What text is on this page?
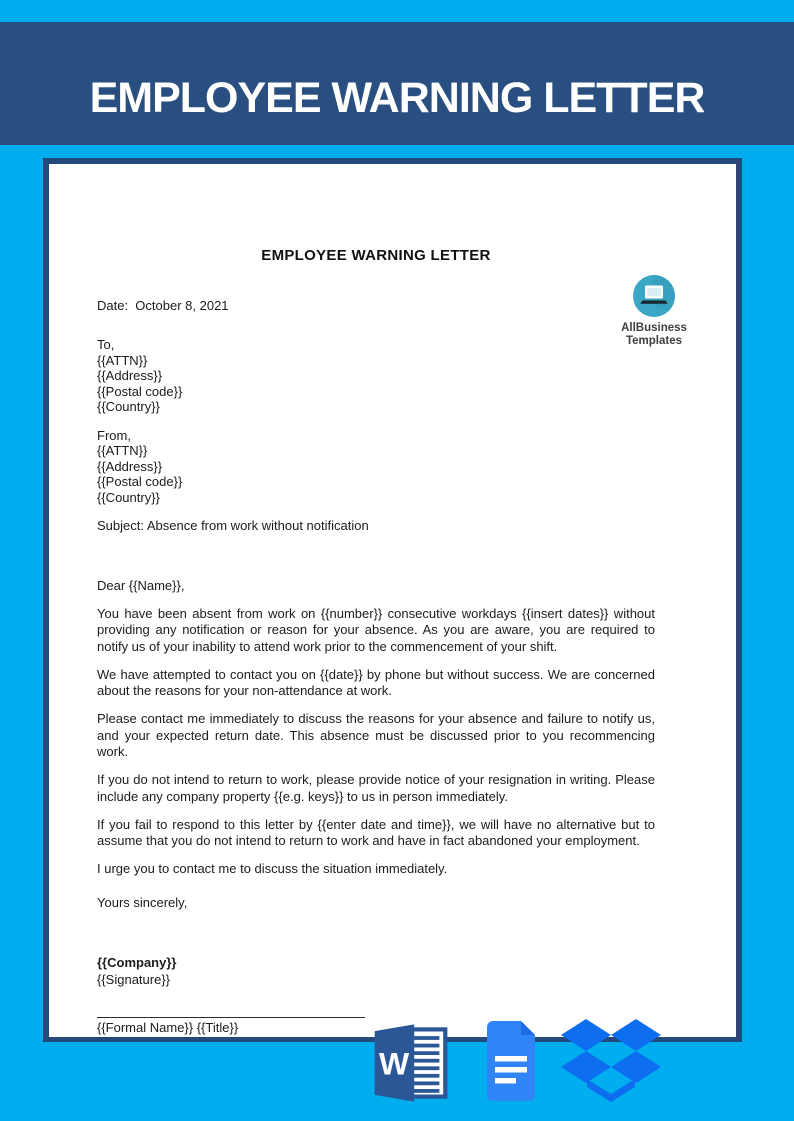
EMPLOYEE WARNING LETTER
AllBusiness
Templates
EMPLOYEE WARNING LETTER
Date:  October 8, 2021
To,
{{ATTN}}
{{Address}}
{{Postal code}}
{{Country}}
From,
{{ATTN}}
{{Address}}
{{Postal code}}
{{Country}}
Subject: Absence from work without notification
Dear {{Name}},

You have been absent from work on {{number}} consecutive workdays {{insert dates}} without providing any notification or reason for your absence. As you are aware, you are required to notify us of your inability to attend work prior to the commencement of your shift.

We have attempted to contact you on {{date}} by phone but without success. We are concerned about the reasons for your non-attendance at work.

Please contact me immediately to discuss the reasons for your absence and failure to notify us, and your expected return date. This absence must be discussed prior to you recommencing work.

If you do not intend to return to work, please provide notice of your resignation in writing. Please include any company property {{e.g. keys}} to us in person immediately.

If you fail to respond to this letter by {{enter date and time}}, we will have no alternative but to assume that you do not intend to return to work and have in fact abandoned your employment.

I urge you to contact me to discuss the situation immediately.

Yours sincerely,
{{Company}}
{{Signature}}
{{Formal Name}} {{Title}}
W
